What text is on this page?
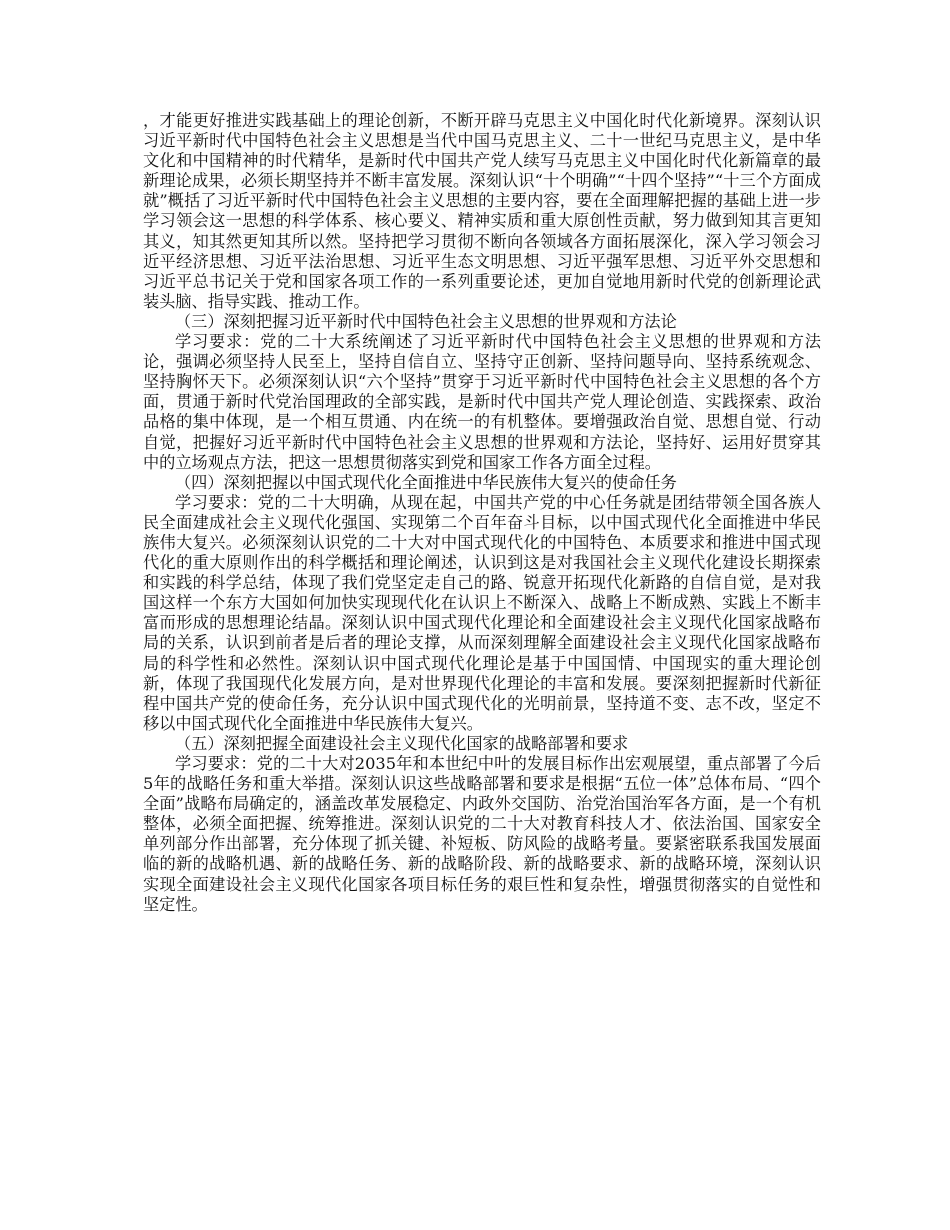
，才能更好推进实践基础上的理论创新，不断开辟马克思主义中国化时代化新境界。深刻认识习近平新时代中国特色社会主义思想是当代中国马克思主义、二十一世纪马克思主义，是中华文化和中国精神的时代精华，是新时代中国共产党人续写马克思主义中国化时代化新篇章的最新理论成果，必须长期坚持并不断丰富发展。深刻认识“十个明确”“十四个坚持”“十三个方面成就”概括了习近平新时代中国特色社会主义思想的主要内容，要在全面理解把握的基础上进一步学习领会这一思想的科学体系、核心要义、精神实质和重大原创性贡献，努力做到知其言更知其义，知其然更知其所以然。坚持把学习贯彻不断向各领域各方面拓展深化，深入学习领会习近平经济思想、习近平法治思想、习近平生态文明思想、习近平强军思想、习近平外交思想和习近平总书记关于党和国家各项工作的一系列重要论述，更加自觉地用新时代党的创新理论武装头脑、指导实践、推动工作。

（三）深刻把握习近平新时代中国特色社会主义思想的世界观和方法论

学习要求：党的二十大系统阐述了习近平新时代中国特色社会主义思想的世界观和方法论，强调必须坚持人民至上，坚持自信自立、坚持守正创新、坚持问题导向、坚持系统观念、坚持胸怀天下。必须深刻认识“六个坚持”贯穿于习近平新时代中国特色社会主义思想的各个方面，贯通于新时代党治国理政的全部实践，是新时代中国共产党人理论创造、实践探索、政治品格的集中体现，是一个相互贯通、内在统一的有机整体。要增强政治自觉、思想自觉、行动自觉，把握好习近平新时代中国特色社会主义思想的世界观和方法论，坚持好、运用好贯穿其中的立场观点方法，把这一思想贯彻落实到党和国家工作各方面全过程。

（四）深刻把握以中国式现代化全面推进中华民族伟大复兴的使命任务

学习要求：党的二十大明确，从现在起，中国共产党的中心任务就是团结带领全国各族人民全面建成社会主义现代化强国、实现第二个百年奋斗目标，以中国式现代化全面推进中华民族伟大复兴。必须深刻认识党的二十大对中国式现代化的中国特色、本质要求和推进中国式现代化的重大原则作出的科学概括和理论阐述，认识到这是对我国社会主义现代化建设长期探索和实践的科学总结，体现了我们党坚定走自己的路、锐意开拓现代化新路的自信自觉，是对我国这样一个东方大国如何加快实现现代化在认识上不断深入、战略上不断成熟、实践上不断丰富而形成的思想理论结晶。深刻认识中国式现代化理论和全面建设社会主义现代化国家战略布局的关系，认识到前者是后者的理论支撑，从而深刻理解全面建设社会主义现代化国家战略布局的科学性和必然性。深刻认识中国式现代化理论是基于中国国情、中国现实的重大理论创新，体现了我国现代化发展方向，是对世界现代化理论的丰富和发展。要深刻把握新时代新征程中国共产党的使命任务，充分认识中国式现代化的光明前景，坚持道不变、志不改，坚定不移以中国式现代化全面推进中华民族伟大复兴。

（五）深刻把握全面建设社会主义现代化国家的战略部署和要求

学习要求：党的二十大对2035年和本世纪中叶的发展目标作出宏观展望，重点部署了今后5年的战略任务和重大举措。深刻认识这些战略部署和要求是根据“五位一体”总体布局、“四个全面”战略布局确定的，涵盖改革发展稳定、内政外交国防、治党治国治军各方面，是一个有机整体，必须全面把握、统筹推进。深刻认识党的二十大对教育科技人才、依法治国、国家安全单列部分作出部署，充分体现了抓关键、补短板、防风险的战略考量。要紧密联系我国发展面临的新的战略机遇、新的战略任务、新的战略阶段、新的战略要求、新的战略环境，深刻认识实现全面建设社会主义现代化国家各项目标任务的艰巨性和复杂性，增强贯彻落实的自觉性和坚定性。
